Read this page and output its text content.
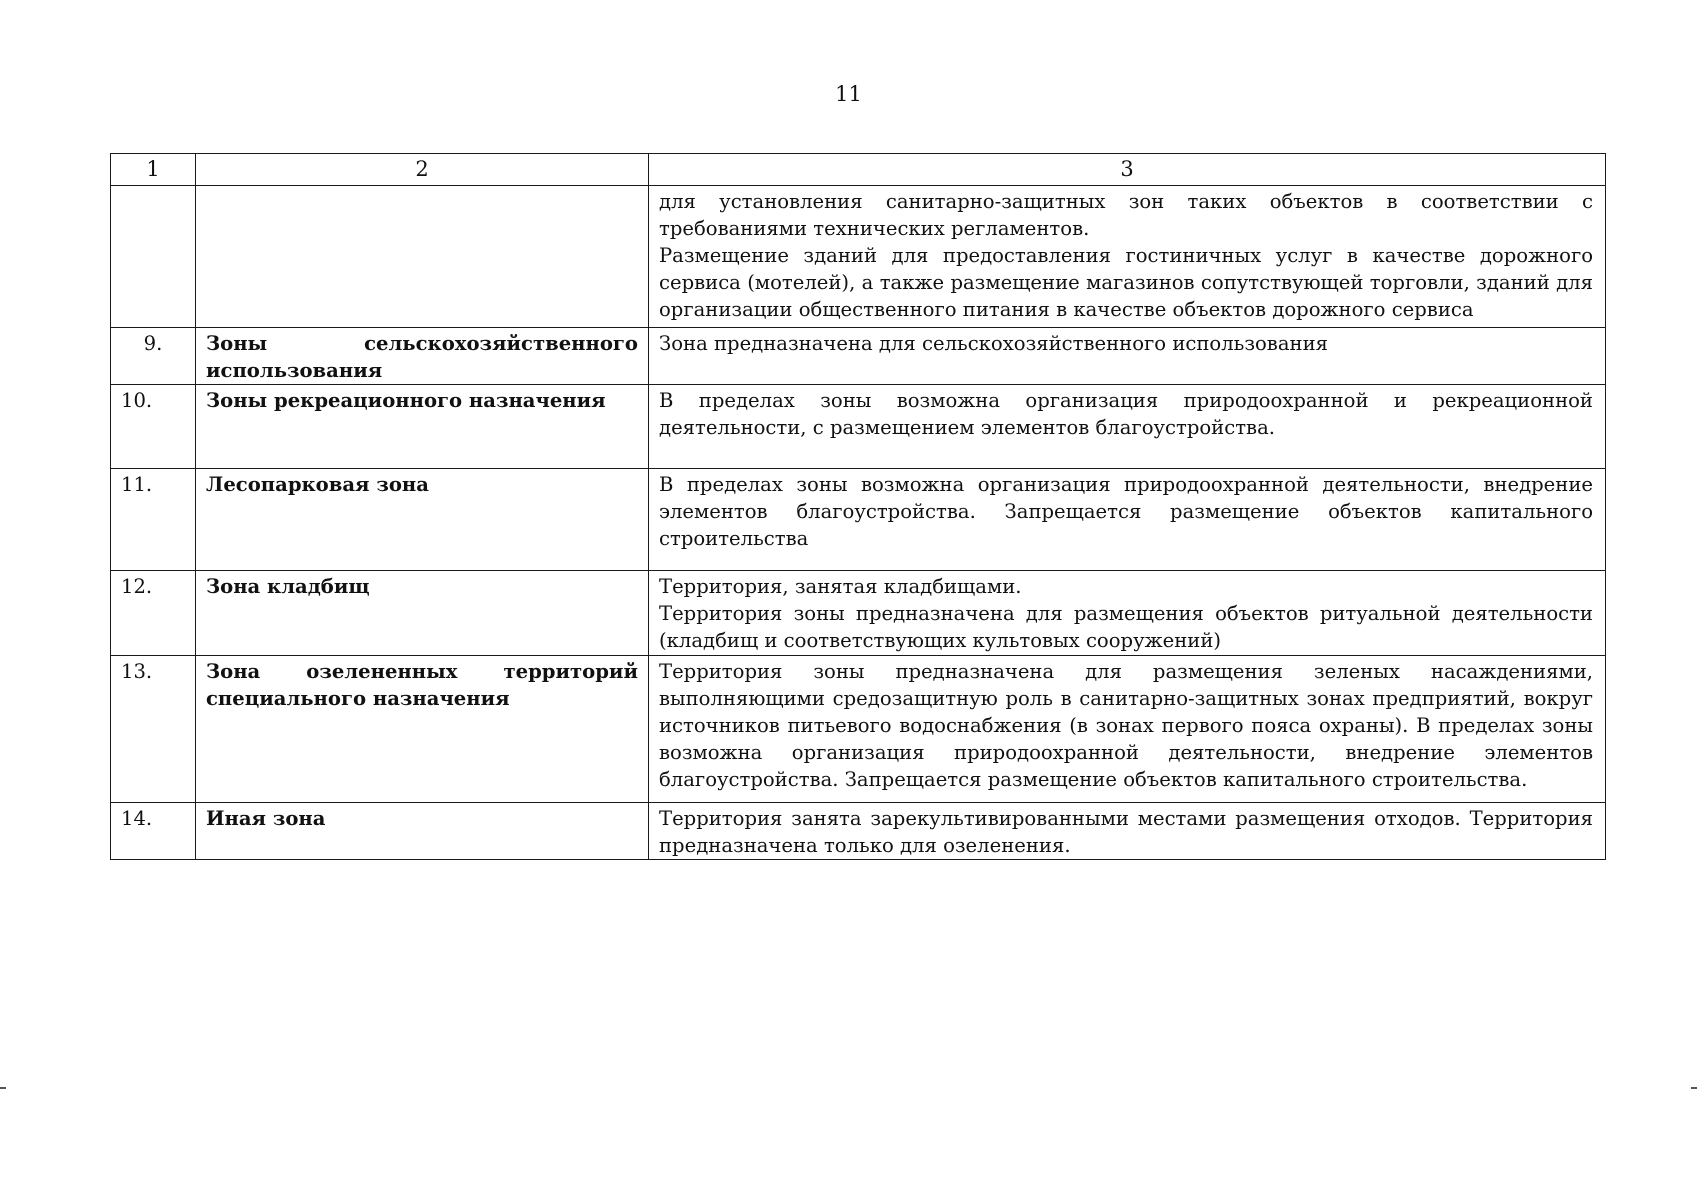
11
1	2	3

		для установления санитарно-защитных зон таких объектов в соответствии с требованиями технических регламентов.

Размещение зданий для предоставления гостиничных услуг в качестве дорожного сервиса (мотелей), а также размещение магазинов сопутствующей торговли, зданий для организации общественного питания в качестве объектов дорожного сервиса

9.	Зоны сельскохозяйственного использования	Зона предназначена для сельскохозяйственного использования

10.	Зоны рекреационного назначения	В пределах зоны возможна организация природоохранной и рекреационной деятельности, с размещением элементов благоустройства.

11.	Лесопарковая зона	В пределах зоны возможна организация природоохранной деятельности, внедрение элементов благоустройства. Запрещается размещение объектов капитального строительства

12.	Зона кладбищ	Территория, занятая кладбищами.

Территория зоны предназначена для размещения объектов ритуальной деятельности (кладбищ и соответствующих культовых сооружений)

13.	Зона озелененных территорий специального назначения	Территория зоны предназначена для размещения зеленых насаждениями, выполняющими средозащитную роль в санитарно-защитных зонах предприятий, вокруг источников питьевого водоснабжения (в зонах первого пояса охраны). В пределах зоны возможна организация природоохранной деятельности, внедрение элементов благоустройства. Запрещается размещение объектов капитального строительства.

14.	Иная зона	Территория занята зарекультивированными местами размещения отходов. Территория предназначена только для озеленения.
